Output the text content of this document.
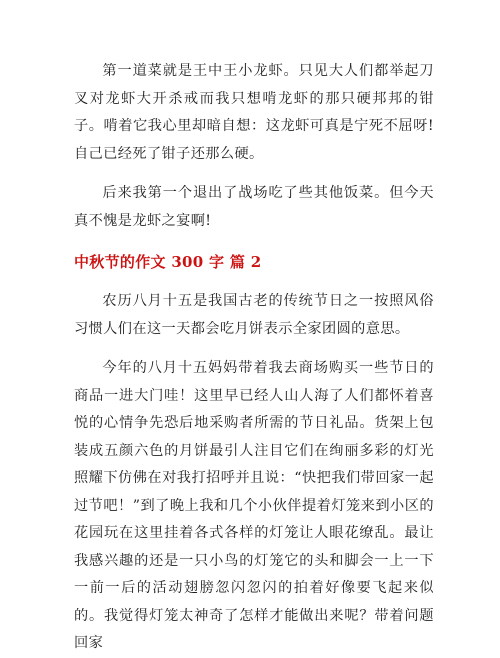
第一道菜就是王中王小龙虾。只见大人们都举起刀叉对龙虾大开杀戒而我只想啃龙虾的那只硬邦邦的钳子。啃着它我心里却暗自想：这龙虾可真是宁死不屈呀!自己已经死了钳子还那么硬。

后来我第一个退出了战场吃了些其他饭菜。但今天真不愧是龙虾之宴啊!

中秋节的作文 300 字 篇 2

农历八月十五是我国古老的传统节日之一按照风俗习惯人们在这一天都会吃月饼表示全家团圆的意思。

今年的八月十五妈妈带着我去商场购买一些节日的商品一进大门哇！这里早已经人山人海了人们都怀着喜悦的心情争先恐后地采购者所需的节日礼品。货架上包装成五颜六色的月饼最引人注目它们在绚丽多彩的灯光照耀下仿佛在对我打招呼并且说：“快把我们带回家一起过节吧！”到了晚上我和几个小伙伴提着灯笼来到小区的花园玩在这里挂着各式各样的灯笼让人眼花缭乱。最让我感兴趣的还是一只小鸟的灯笼它的头和脚会一上一下一前一后的活动翅膀忽闪忽闪的拍着好像要飞起来似的。我觉得灯笼太神奇了怎样才能做出来呢？带着问题回家
